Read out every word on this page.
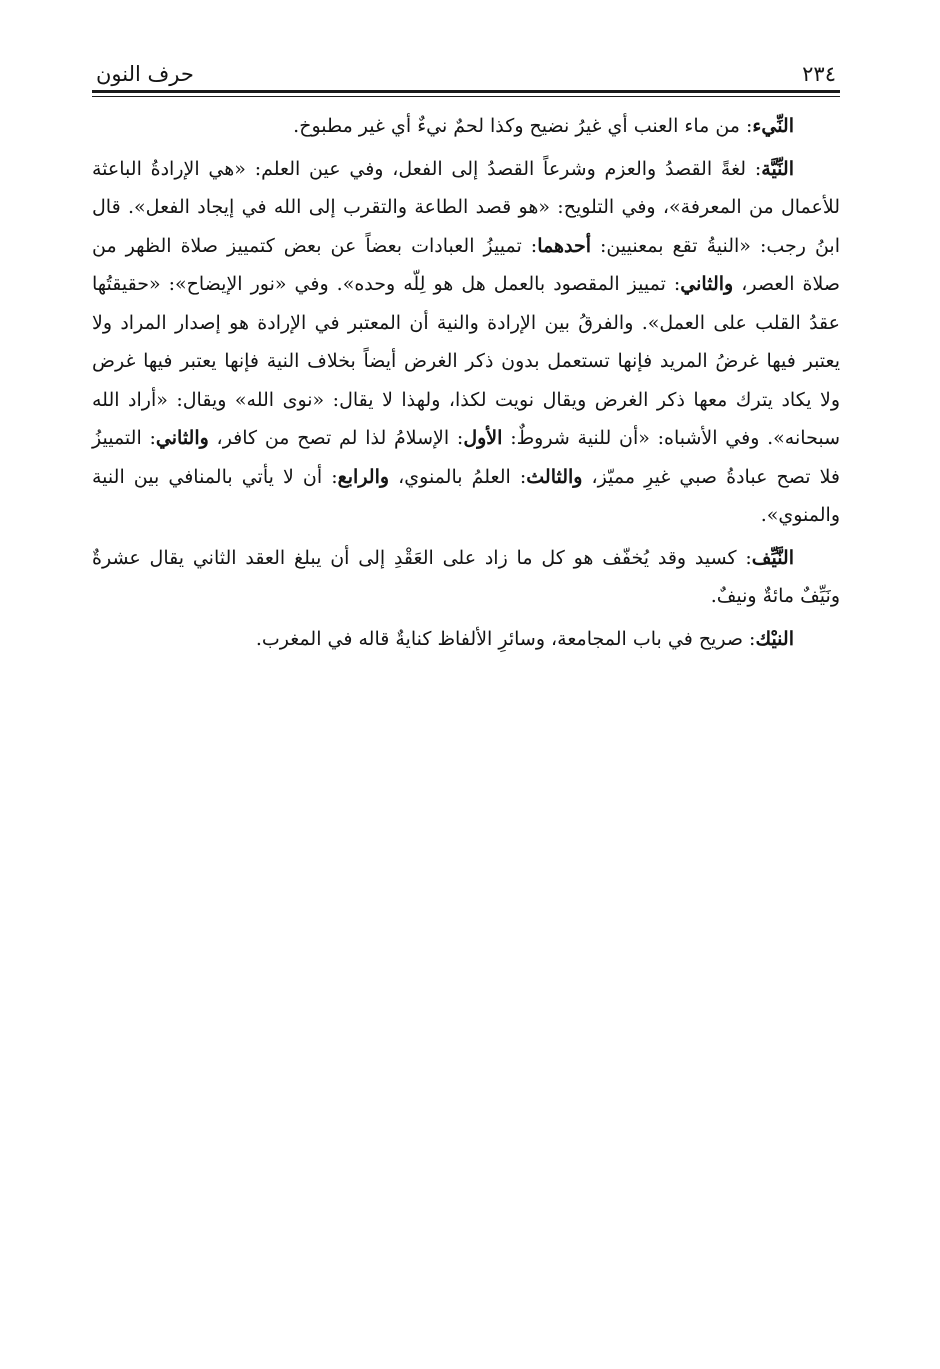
٢٣٤
حرف النون

النِّيء: من ماء العنب أي غيرُ نضيح وكذا لحمٌ نيءٌ أي غير مطبوخ.

النِّيَّة: لغةً القصدُ والعزم وشرعاً القصدُ إلى الفعل، وفي عين العلم: «هي الإرادةُ الباعثة للأعمال من المعرفة»، وفي التلويح: «هو قصد الطاعة والتقرب إلى الله في إيجاد الفعل». قال ابنُ رجب: «النيةُ تقع بمعنيين: أحدهما: تمييزُ العبادات بعضاً عن بعض كتمييز صلاة الظهر من صلاة العصر، والثاني: تمييز المقصود بالعمل هل هو لِلّه وحده». وفي «نور الإيضاح»: «حقيقتُها عقدُ القلب على العمل». والفرقُ بين الإرادة والنية أن المعتبر في الإرادة هو إصدار المراد ولا يعتبر فيها غرضُ المريد فإنها تستعمل بدون ذكر الغرض أيضاً بخلاف النية فإنها يعتبر فيها غرض ولا يكاد يترك معها ذكر الغرض ويقال نويت لكذا، ولهذا لا يقال: «نوى الله» ويقال: «أراد الله سبحانه». وفي الأشباه: «أن للنية شروطٌ: الأول: الإسلامُ لذا لم تصح من كافر، والثاني: التمييزُ فلا تصح عبادةُ صبي غيرِ مميّز، والثالث: العلمُ بالمنوي، والرابع: أن لا يأتي بالمنافي بين النية والمنوي».

النَّيِّف: كسيد وقد يُخفّف هو كل ما زاد على العَقْدِ إلى أن يبلغ العقد الثاني يقال عشرةٌ ونَيِّفٌ مائةٌ ونيفٌ.

النيْك: صريح في باب المجامعة، وسائرِ الألفاظ كنايةٌ قاله في المغرب.
